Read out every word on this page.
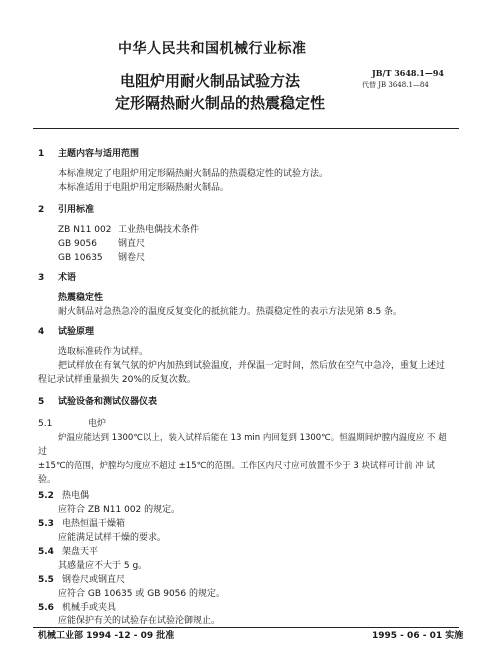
中华人民共和国机械行业标准
电阻炉用耐火制品试验方法
定形隔热耐火制品的热震稳定性
JB/T 3648.1—94
代替 JB 3648.1—84
1 主题内容与适用范围
本标准规定了电阻炉用定形隔热耐火制品的热震稳定性的试验方法。
本标准适用于电阻炉用定形隔热耐火制品。
2 引用标准
ZB N11 002 工业热电偶技术条件
GB 9056 钢直尺
GB 10635 钢卷尺
3 术语
热震稳定性
耐火制品对急热急冷的温度反复变化的抵抗能力。热震稳定性的表示方法见第 8.5 条。
4 试验原理
选取标准砖作为试样。
把试样放在有氧气氛的炉内加热到试验温度，并保温一定时间，然后放在空气中急冷，重复上述过
程记录试样重量损失 20%的反复次数。
5 试验设备和测试仪器仪表
5.1	电炉
炉温应能达到 1300℃以上，装入试样后能在 13 min 内回复到 1300℃。恒温期间炉膛内温度应 不 超
过
±15℃的范围，炉膛均匀度应不超过 ±15℃的范围。工作区内尺寸应可放置不少于 3 块试样可计前 冲 试
验。
5.2 热电偶
应符合 ZB N11 002 的规定。
5.3 电热恒温干燥箱
应能满足试样干燥的要求。
5.4 架盘天平
其感量应不大于 5 g。
5.5 钢卷尺或钢直尺
应符合 GB 10635 或 GB 9056 的规定。
5.6 机械手或夹具
应能保护有关的试验存在试验沦御规止。
机械工业部 1994 -12 - 09 批准	1995 - 06 - 01 实施
